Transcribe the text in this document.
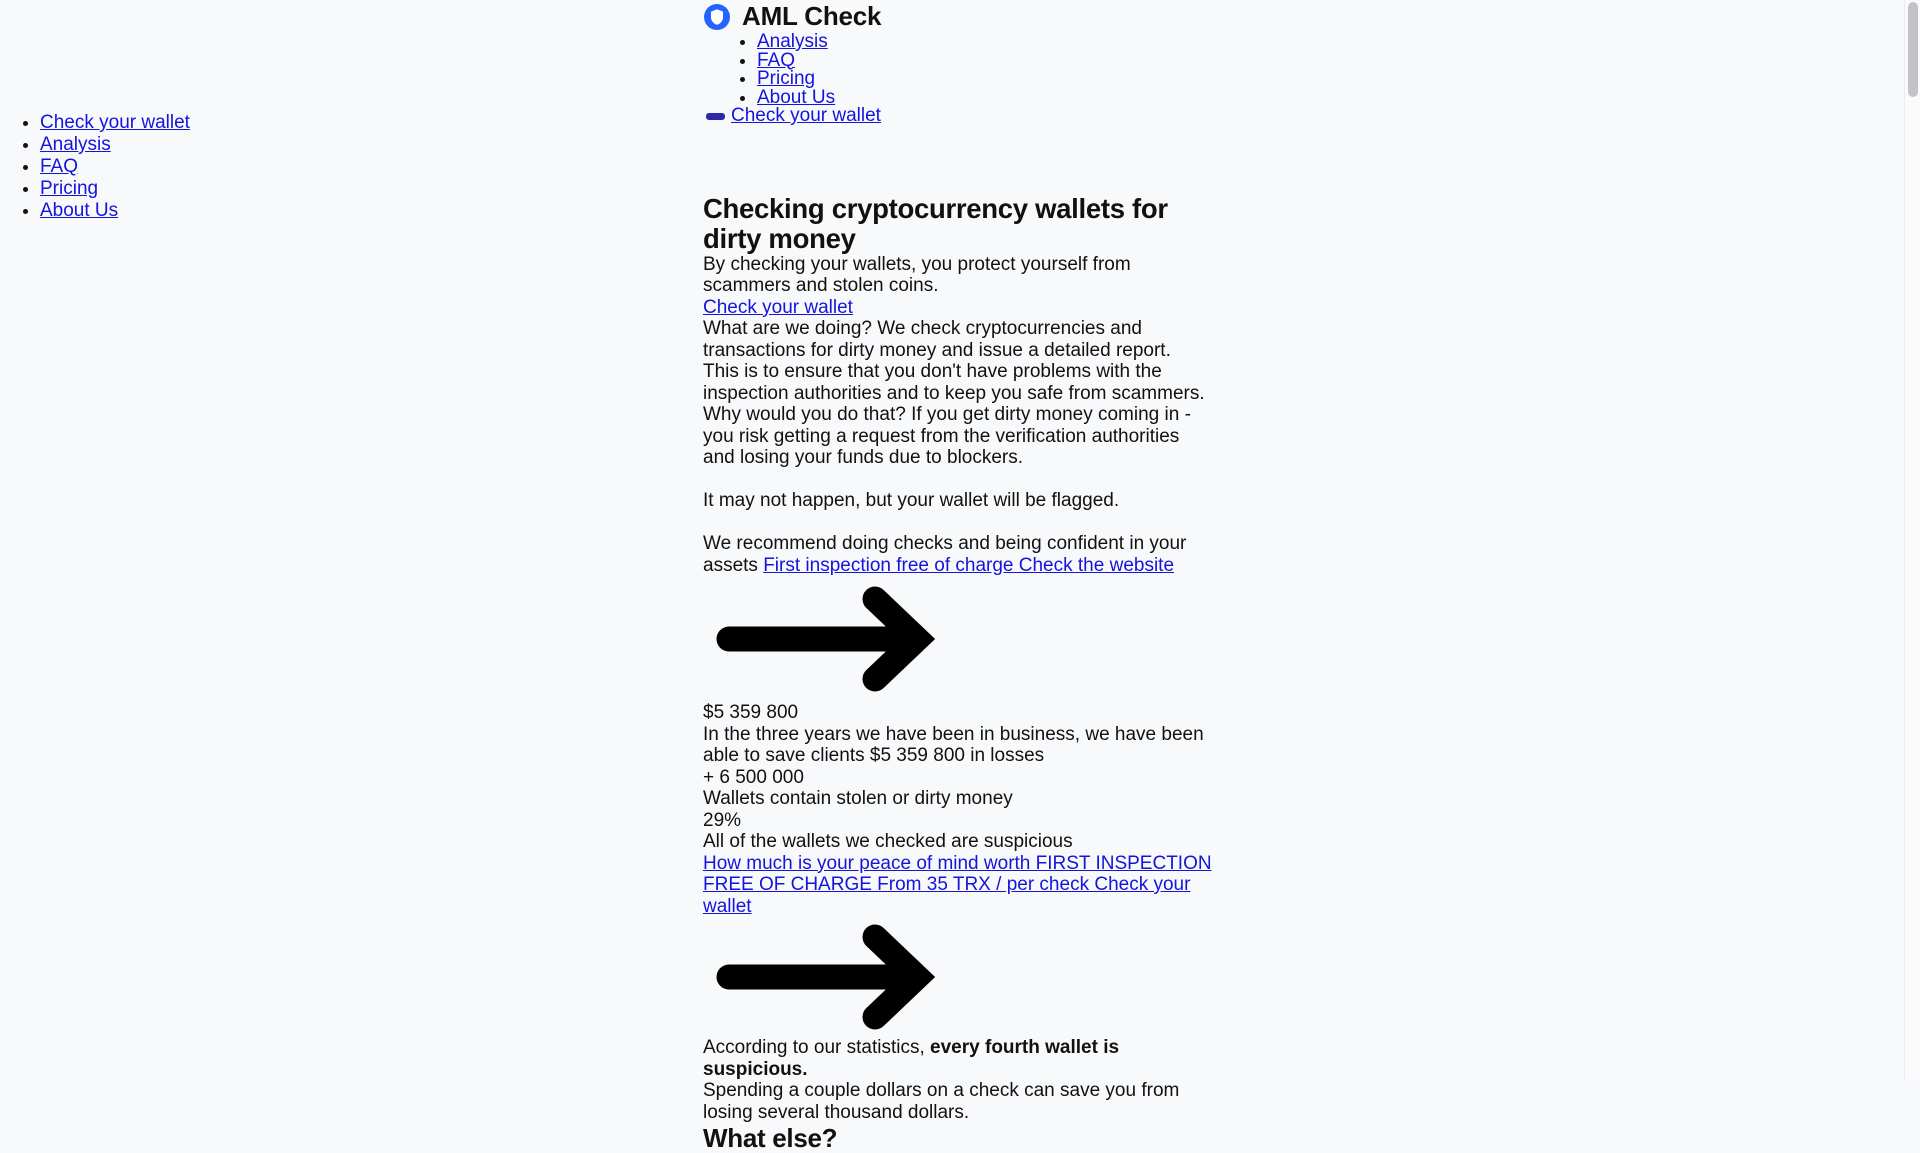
• Check your wallet
• Analysis
• FAQ
• Pricing
• About Us
AML Check
• Analysis
• FAQ
• Pricing
• About Us
Check your wallet
Checking cryptocurrency wallets for dirty money
By checking your wallets, you protect yourself from scammers and stolen coins.
Check your wallet
What are we doing? We check cryptocurrencies and transactions for dirty money and issue a detailed report.
This is to ensure that you don't have problems with the inspection authorities and to keep you safe from scammers.
Why would you do that? If you get dirty money coming in - you risk getting a request from the verification authorities and losing your funds due to blockers.
It may not happen, but your wallet will be flagged.
We recommend doing checks and being confident in your assets First inspection free of charge Check the website
$5 359 800
In the three years we have been in business, we have been able to save clients $5 359 800 in losses
+ 6 500 000
Wallets contain stolen or dirty money
29%
All of the wallets we checked are suspicious
How much is your peace of mind worth FIRST INSPECTION FREE OF CHARGE From 35 TRX / per check Check your wallet
According to our statistics, every fourth wallet is suspicious.
Spending a couple dollars on a check can save you from losing several thousand dollars.
What else?
